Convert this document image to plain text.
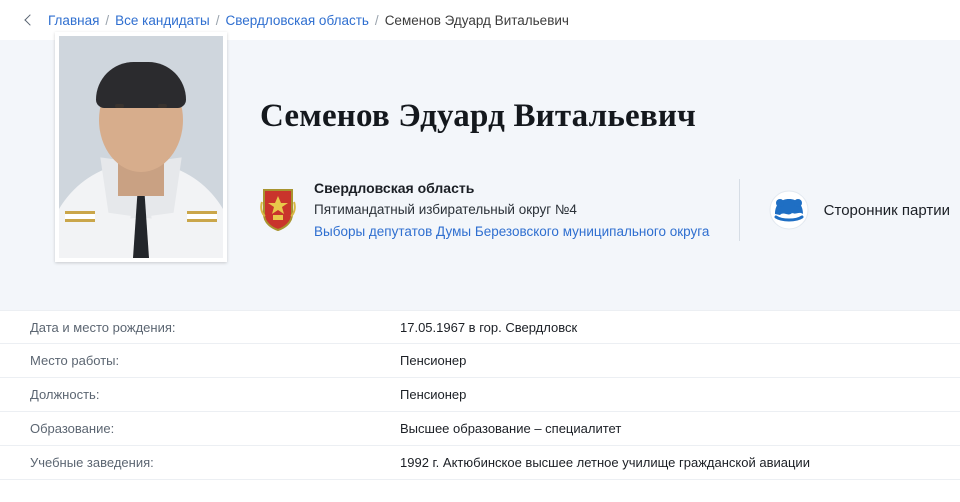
Главная / Все кандидаты / Свердловская область / Семенов Эдуард Витальевич
Семенов Эдуард Витальевич
Свердловская область
Пятимандатный избирательный округ №4
Выборы депутатов Думы Березовского муниципального округа
Сторонник партии
Дата и место рождения:	17.05.1967 в гор. Свердловск
Место работы:	Пенсионер
Должность:	Пенсионер
Образование:	Высшее образование – специалитет
Учебные заведения:	1992 г. Актюбинское высшее летное училище гражданской авиации
